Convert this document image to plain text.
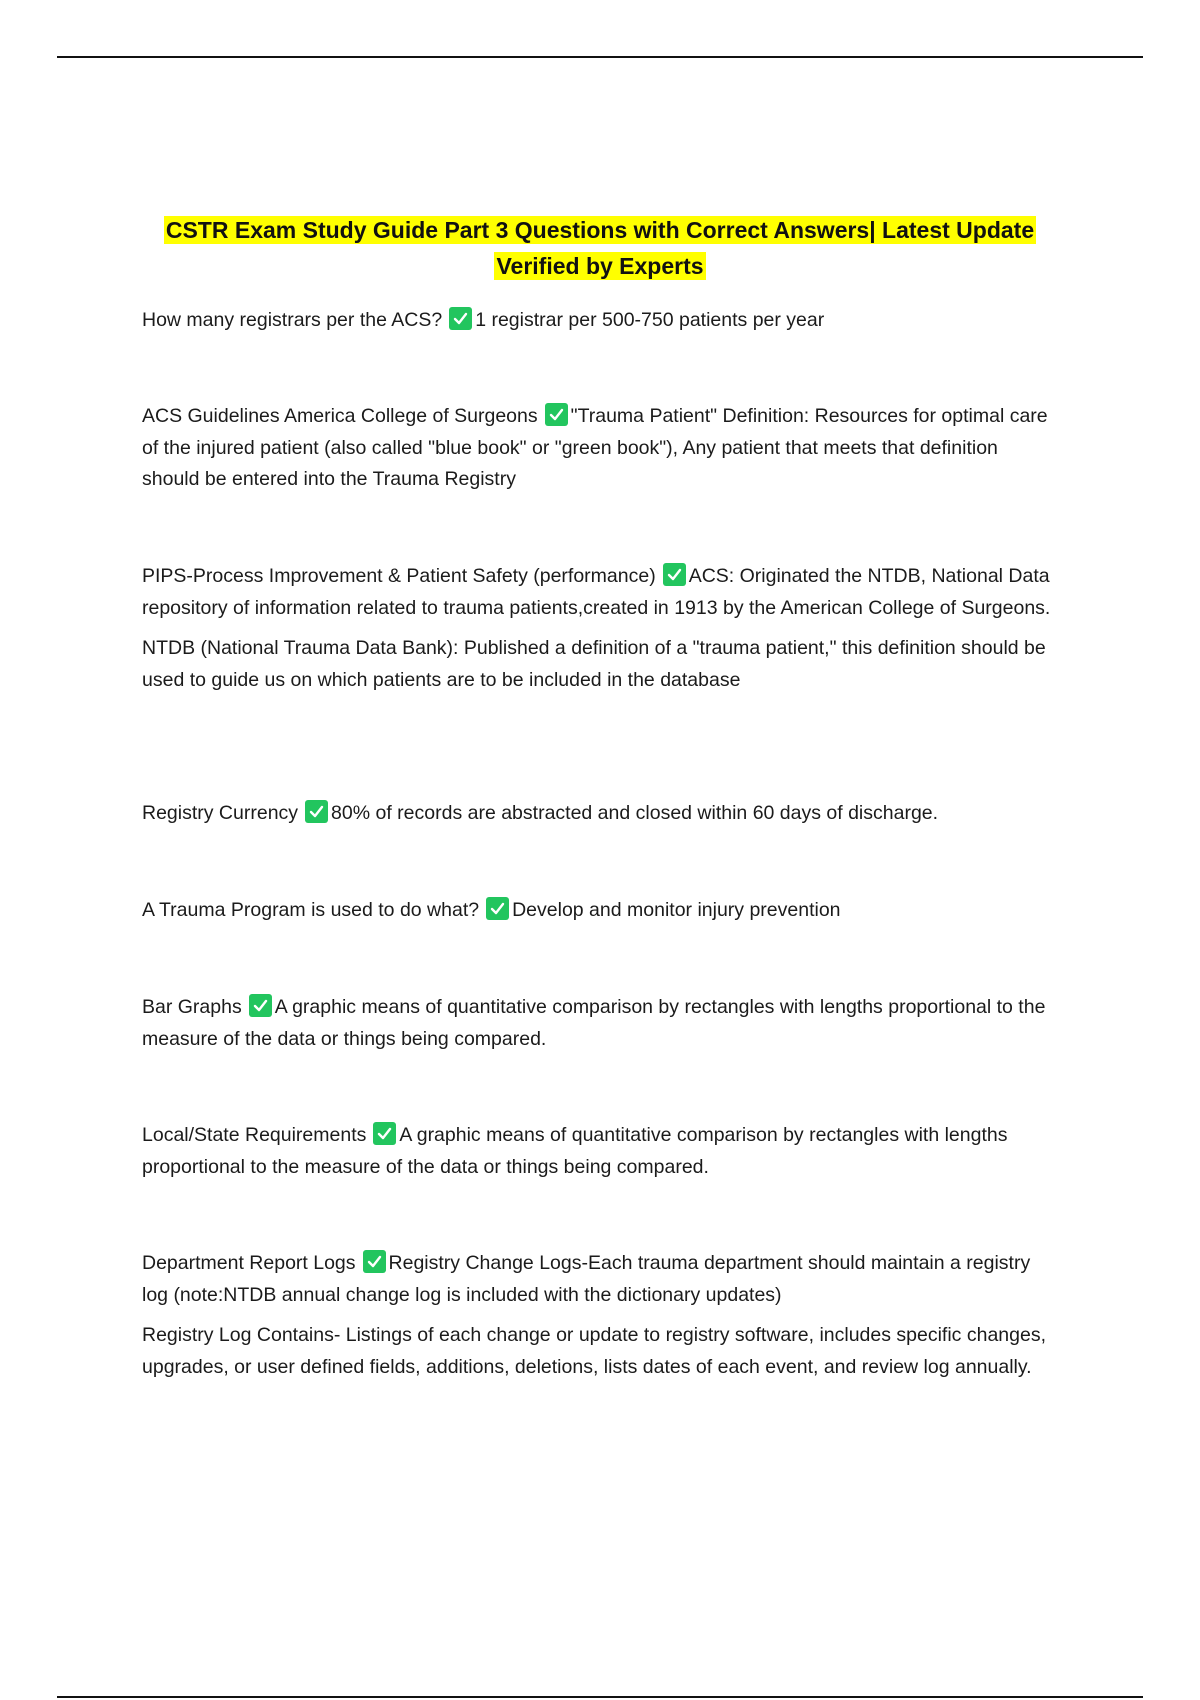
CSTR Exam Study Guide Part 3 Questions with Correct Answers| Latest Update Verified by Experts

How many registrars per the ACS? 1 registrar per 500-750 patients per year

ACS Guidelines America College of Surgeons "Trauma Patient" Definition: Resources for optimal care of the injured patient (also called "blue book" or "green book"), Any patient that meets that definition should be entered into the Trauma Registry

PIPS-Process Improvement & Patient Safety (performance) ACS: Originated the NTDB, National Data repository of information related to trauma patients,created in 1913 by the American College of Surgeons.

NTDB (National Trauma Data Bank): Published a definition of a "trauma patient," this definition should be used to guide us on which patients are to be included in the database

Registry Currency 80% of records are abstracted and closed within 60 days of discharge.

A Trauma Program is used to do what? Develop and monitor injury prevention

Bar Graphs A graphic means of quantitative comparison by rectangles with lengths proportional to the measure of the data or things being compared.

Local/State Requirements A graphic means of quantitative comparison by rectangles with lengths proportional to the measure of the data or things being compared.

Department Report Logs Registry Change Logs-Each trauma department should maintain a registry log (note:NTDB annual change log is included with the dictionary updates)

Registry Log Contains- Listings of each change or update to registry software, includes specific changes, upgrades, or user defined fields, additions, deletions, lists dates of each event, and review log annually.
